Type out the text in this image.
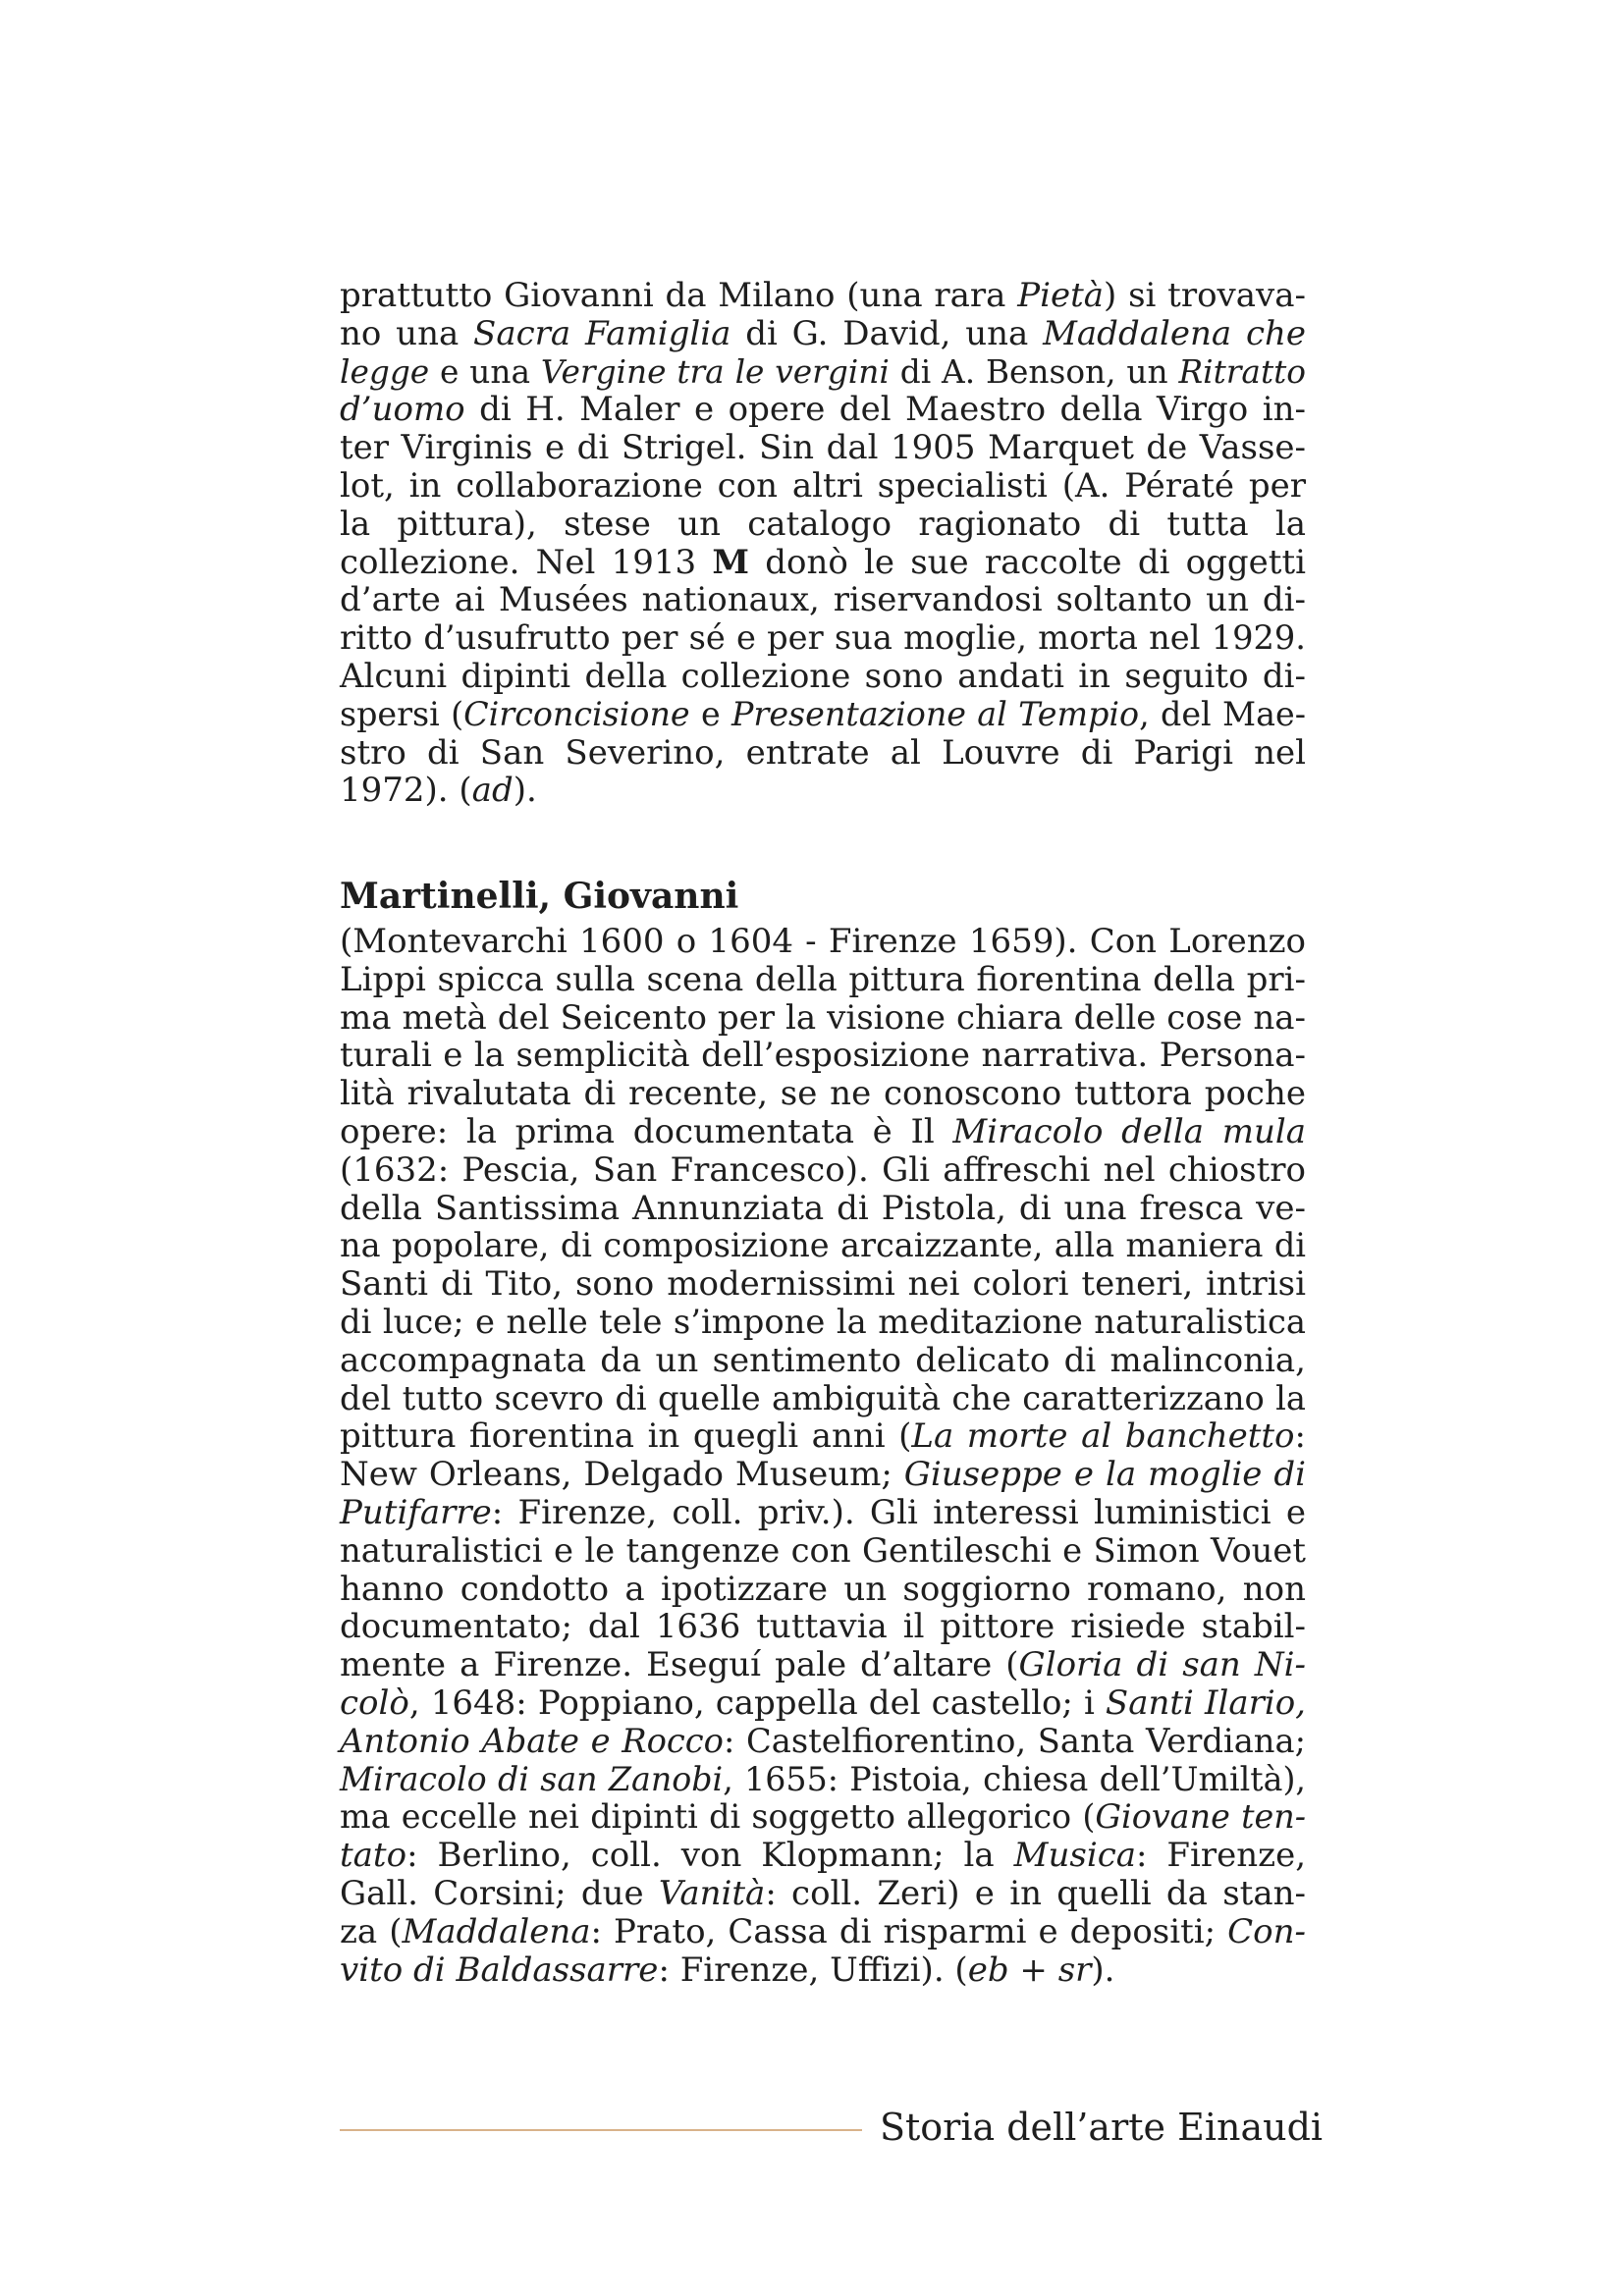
prattutto Giovanni da Milano (una rara Pietà) si trovava-
no una Sacra Famiglia di G. David, una Maddalena che
legge e una Vergine tra le vergini di A. Benson, un Ritratto
d’uomo di H. Maler e opere del Maestro della Virgo in-
ter Virginis e di Strigel. Sin dal 1905 Marquet de Vasse-
lot, in collaborazione con altri specialisti (A. Pératé per
la pittura), stese un catalogo ragionato di tutta la
collezione. Nel 1913 M donò le sue raccolte di oggetti
d’arte ai Musées nationaux, riservandosi soltanto un di-
ritto d’usufrutto per sé e per sua moglie, morta nel 1929.
Alcuni dipinti della collezione sono andati in seguito di-
spersi (Circoncisione e Presentazione al Tempio, del Mae-
stro di San Severino, entrate al Louvre di Parigi nel
1972). (ad).
Martinelli, Giovanni
(Montevarchi 1600 o 1604 - Firenze 1659). Con Lorenzo
Lippi spicca sulla scena della pittura fiorentina della pri-
ma metà del Seicento per la visione chiara delle cose na-
turali e la semplicità dell’esposizione narrativa. Persona-
lità rivalutata di recente, se ne conoscono tuttora poche
opere: la prima documentata è Il Miracolo della mula
(1632: Pescia, San Francesco). Gli affreschi nel chiostro
della Santissima Annunziata di Pistola, di una fresca ve-
na popolare, di composizione arcaizzante, alla maniera di
Santi di Tito, sono modernissimi nei colori teneri, intrisi
di luce; e nelle tele s’impone la meditazione naturalistica
accompagnata da un sentimento delicato di malinconia,
del tutto scevro di quelle ambiguità che caratterizzano la
pittura fiorentina in quegli anni (La morte al banchetto:
New Orleans, Delgado Museum; Giuseppe e la moglie di
Putifarre: Firenze, coll. priv.). Gli interessi luministici e
naturalistici e le tangenze con Gentileschi e Simon Vouet
hanno condotto a ipotizzare un soggiorno romano, non
documentato; dal 1636 tuttavia il pittore risiede stabil-
mente a Firenze. Eseguí pale d’altare (Gloria di san Ni-
colò, 1648: Poppiano, cappella del castello; i Santi Ilario,
Antonio Abate e Rocco: Castelfiorentino, Santa Verdiana;
Miracolo di san Zanobi, 1655: Pistoia, chiesa dell’Umiltà),
ma eccelle nei dipinti di soggetto allegorico (Giovane ten-
tato: Berlino, coll. von Klopmann; la Musica: Firenze,
Gall. Corsini; due Vanità: coll. Zeri) e in quelli da stan-
za (Maddalena: Prato, Cassa di risparmi e depositi; Con-
vito di Baldassarre: Firenze, Uffizi). (eb + sr).
Storia dell’arte Einaudi
